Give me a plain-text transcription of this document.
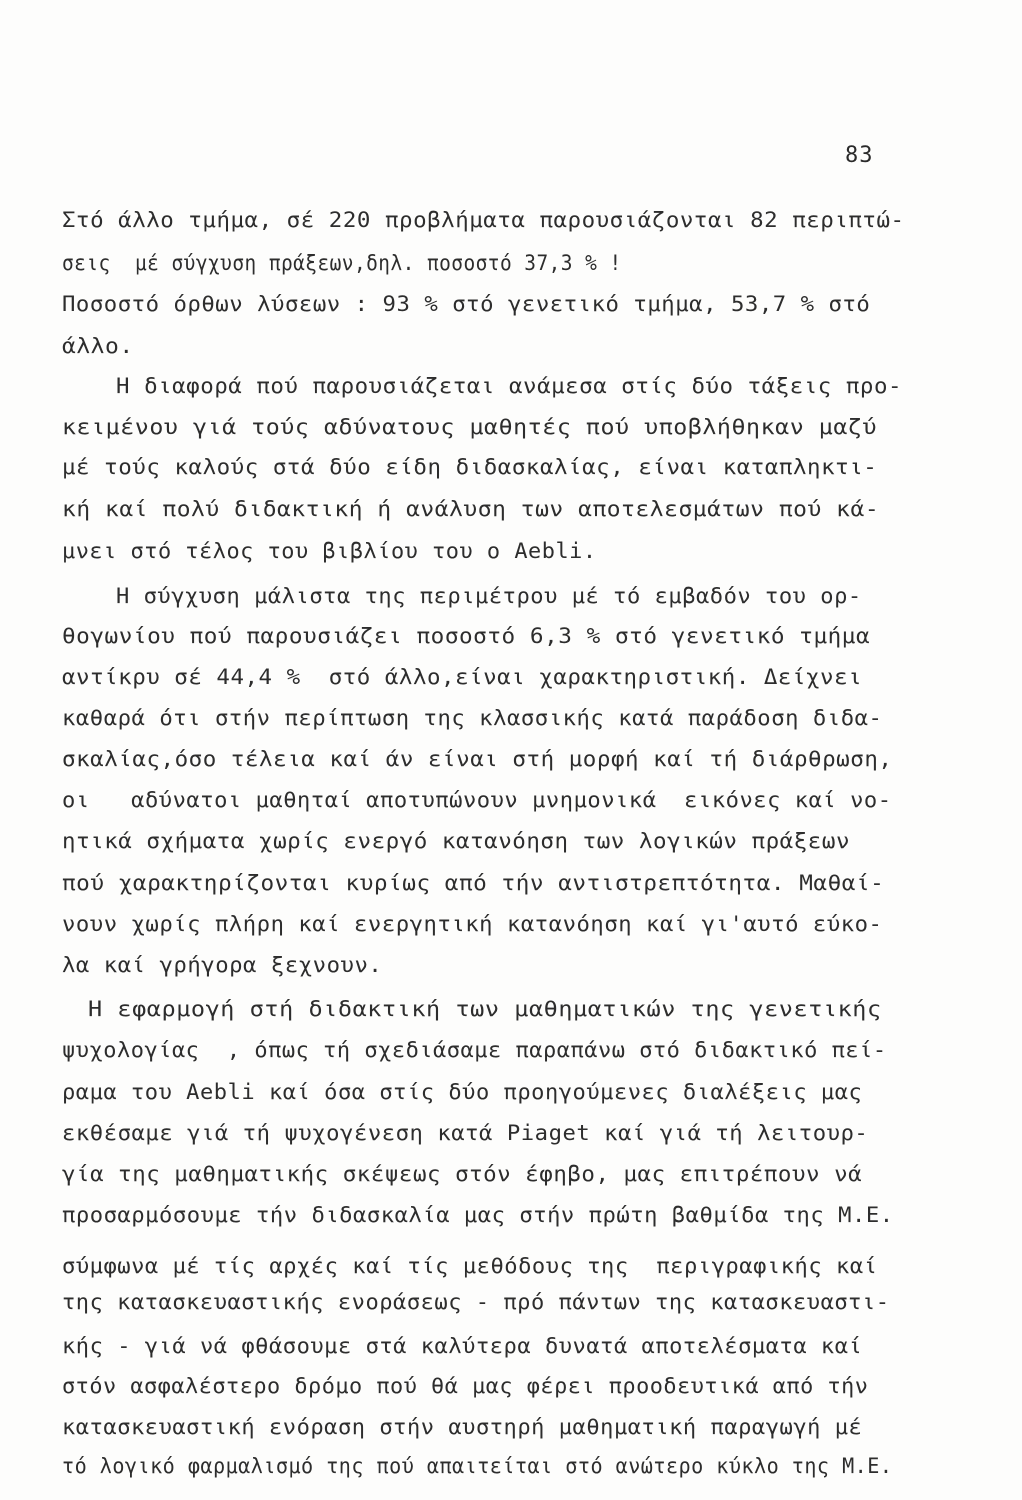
83
Στό άλλο τμήμα, σέ 220 προβλήματα παρουσιάζονται 82 περιπτώ-
σεις  μέ σύγχυση πράξεων,δηλ. ποσοστό 37,3 % !
Ποσοστό όρθων λύσεων : 93 % στό γενετικό τμήμα, 53,7 % στό
άλλο.
Η διαφορά πού παρουσιάζεται ανάμεσα στίς δύο τάξεις προ-
κειμένου γιά τούς αδύνατους μαθητές πού υποβλήθηκαν μαζύ
μέ τούς καλούς στά δύο είδη διδασκαλίας, είναι καταπληκτι-
κή καί πολύ διδακτική ή ανάλυση των αποτελεσμάτων πού κά-
μνει στό τέλος του βιβλίου του ο Aebli.
Η σύγχυση μάλιστα της περιμέτρου μέ τό εμβαδόν του ορ-
θογωνίου πού παρουσιάζει ποσοστό 6,3 % στό γενετικό τμήμα
αντίκρυ σέ 44,4 %  στό άλλο,είναι χαρακτηριστική. Δείχνει
καθαρά ότι στήν περίπτωση της κλασσικής κατά παράδοση διδα-
σκαλίας,όσο τέλεια καί άν είναι στή μορφή καί τή διάρθρωση,
οι   αδύνατοι μαθηταί αποτυπώνουν μνημονικά  εικόνες καί νο-
ητικά σχήματα χωρίς ενεργό κατανόηση των λογικών πράξεων
πού χαρακτηρίζονται κυρίως από τήν αντιστρεπτότητα. Μαθαί-
νουν χωρίς πλήρη καί ενεργητική κατανόηση καί γι'αυτό εύκο-
λα καί γρήγορα ξεχνουν.
Η εφαρμογή στή διδακτική των μαθηματικών της γενετικής
ψυχολογίας  , όπως τή σχεδιάσαμε παραπάνω στό διδακτικό πεί-
ραμα του Aebli καί όσα στίς δύο προηγούμενες διαλέξεις μας
εκθέσαμε γιά τή ψυχογένεση κατά Piaget καί γιά τή λειτουρ-
γία της μαθηματικής σκέψεως στόν έφηβο, μας επιτρέπουν νά
προσαρμόσουμε τήν διδασκαλία μας στήν πρώτη βαθμίδα της Μ.Ε.
σύμφωνα μέ τίς αρχές καί τίς μεθόδους της  περιγραφικής καί
της κατασκευαστικής ενοράσεως - πρό πάντων της κατασκευαστι-
κής - γιά νά φθάσουμε στά καλύτερα δυνατά αποτελέσματα καί
στόν ασφαλέστερο δρόμο πού θά μας φέρει προοδευτικά από τήν
κατασκευαστική ενόραση στήν αυστηρή μαθηματική παραγωγή μέ
τό λογικό φαρμαλισμό της πού απαιτείται στό ανώτερο κύκλο της Μ.Ε.
